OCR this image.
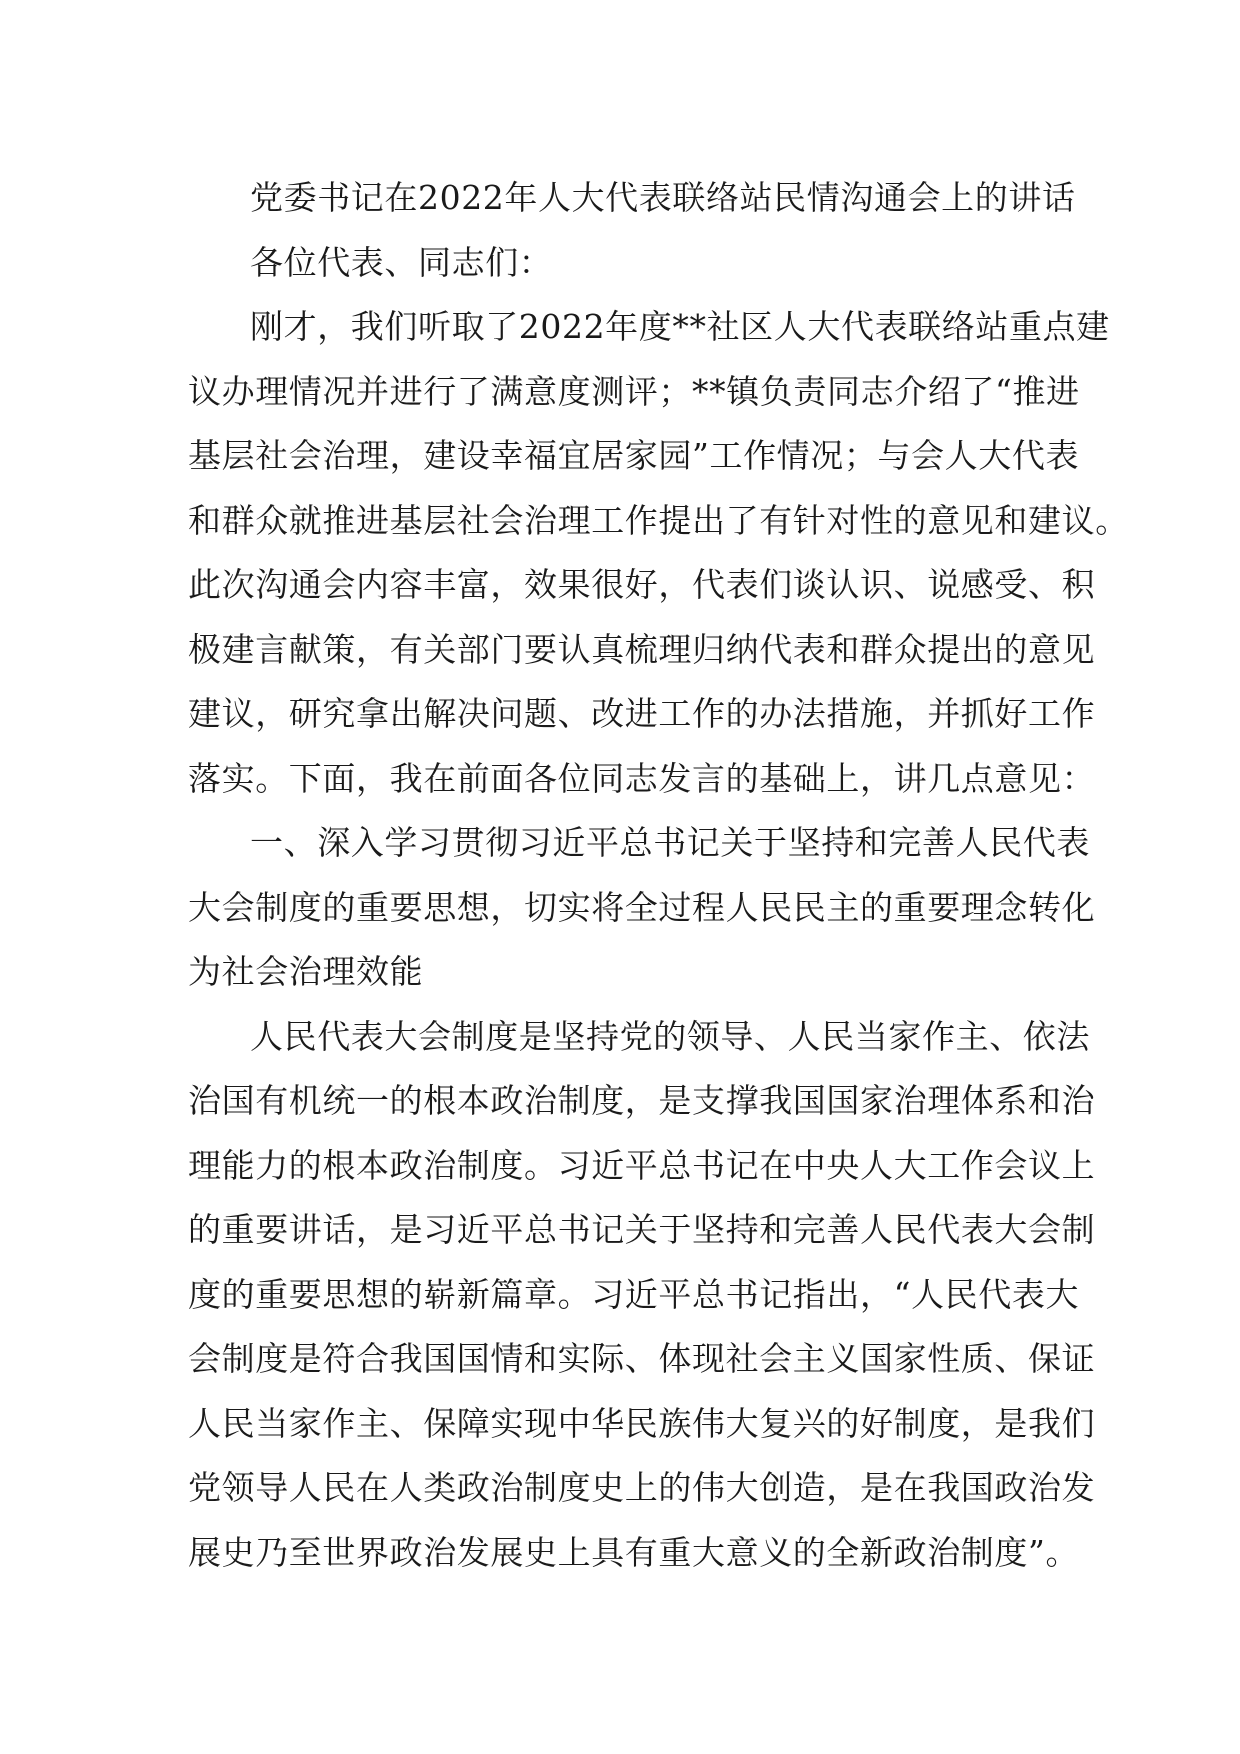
党委书记在2022年人大代表联络站民情沟通会上的讲话
各位代表、同志们：
刚才，我们听取了2022年度**社区人大代表联络站重点建
议办理情况并进行了满意度测评；**镇负责同志介绍了“推进
基层社会治理，建设幸福宜居家园”工作情况；与会人大代表
和群众就推进基层社会治理工作提出了有针对性的意见和建议。
此次沟通会内容丰富，效果很好，代表们谈认识、说感受、积
极建言献策，有关部门要认真梳理归纳代表和群众提出的意见
建议，研究拿出解决问题、改进工作的办法措施，并抓好工作
落实。下面，我在前面各位同志发言的基础上，讲几点意见：
一、深入学习贯彻习近平总书记关于坚持和完善人民代表
大会制度的重要思想，切实将全过程人民民主的重要理念转化
为社会治理效能
人民代表大会制度是坚持党的领导、人民当家作主、依法
治国有机统一的根本政治制度，是支撑我国国家治理体系和治
理能力的根本政治制度。习近平总书记在中央人大工作会议上
的重要讲话，是习近平总书记关于坚持和完善人民代表大会制
度的重要思想的崭新篇章。习近平总书记指出，“人民代表大
会制度是符合我国国情和实际、体现社会主义国家性质、保证
人民当家作主、保障实现中华民族伟大复兴的好制度，是我们
党领导人民在人类政治制度史上的伟大创造，是在我国政治发
展史乃至世界政治发展史上具有重大意义的全新政治制度”。
